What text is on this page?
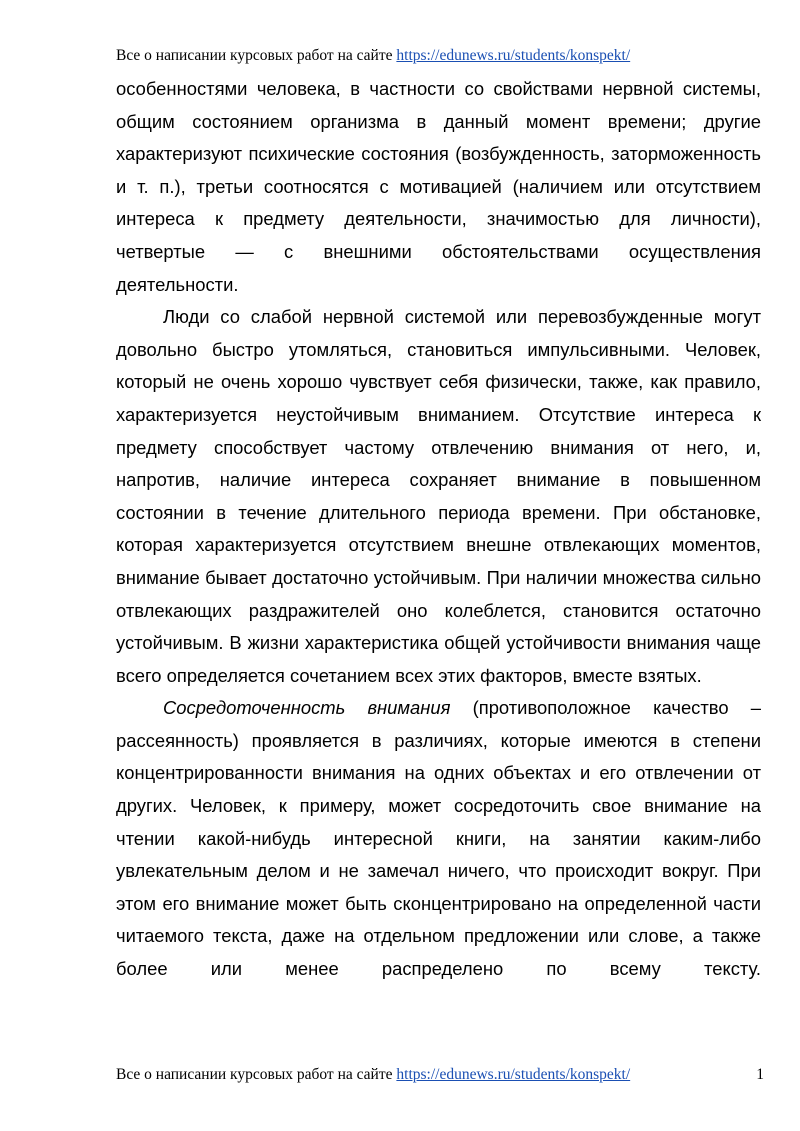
Все о написании курсовых работ на сайте https://edunews.ru/students/konspekt/

особенностями человека, в частности со свойствами нервной системы, общим состоянием организма в данный момент времени; другие характеризуют психические состояния (возбужденность, заторможенность и т. п.), третьи соотносятся с мотивацией (наличием или отсутствием интереса к предмету деятельности, значимостью для личности), четвертые — с внешними обстоятельствами осуществления деятельности.

Люди со слабой нервной системой или перевозбужденные могут довольно быстро утомляться, становиться импульсивными. Человек, который не очень хорошо чувствует себя физически, также, как правило, характеризуется неустойчивым вниманием. Отсутствие интереса к предмету способствует частому отвлечению внимания от него, и, напротив, наличие интереса сохраняет внимание в повышенном состоянии в течение длительного периода времени. При обстановке, которая характеризуется отсутствием внешне отвлекающих моментов, внимание бывает достаточно устойчивым. При наличии множества сильно отвлекающих раздражителей оно колеблется, становится остаточно устойчивым. В жизни характеристика общей устойчивости внимания чаще всего определяется сочетанием всех этих факторов, вместе взятых.

Сосредоточенность внимания (противоположное качество – рассеянность) проявляется в различиях, которые имеются в степени концентрированности внимания на одних объектах и его отвлечении от других. Человек, к примеру, может сосредоточить свое внимание на чтении какой-нибудь интересной книги, на занятии каким-либо увлекательным делом и не замечал ничего, что происходит вокруг. При этом его внимание может быть сконцентрировано на определенной части читаемого текста, даже на отдельном предложении или слове, а также более или менее распределено по всему тексту.

Все о написании курсовых работ на сайте https://edunews.ru/students/konspekt/	1
